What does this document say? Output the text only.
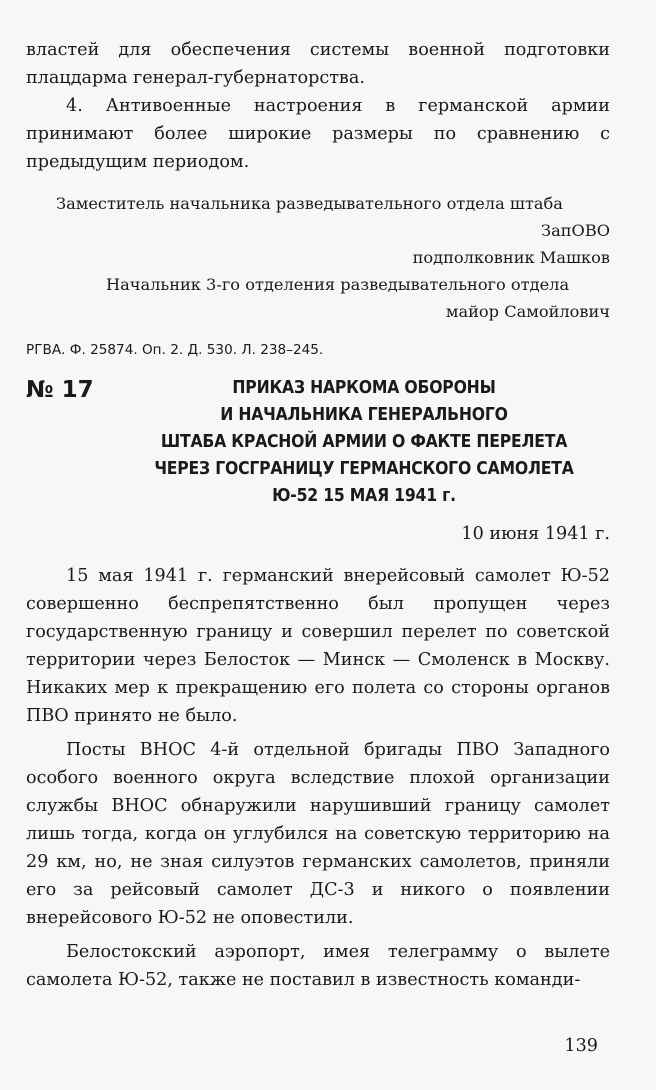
властей для обеспечения системы военной подготовки плацдарма генерал-губернаторства.

4. Антивоенные настроения в германской армии принимают более широкие размеры по сравнению с предыдущим периодом.

Заместитель начальника разведывательного отдела штаба

ЗапОВО

подполковник Машков

Начальник 3-го отделения разведывательного отдела

майор Самойлович

РГВА. Ф. 25874. Оп. 2. Д. 530. Л. 238–245.
№ 17	ПРИКАЗ НАРКОМА ОБОРОНЫ
И НАЧАЛЬНИКА ГЕНЕРАЛЬНОГО
ШТАБА КРАСНОЙ АРМИИ О ФАКТЕ ПЕРЕЛЕТА
ЧЕРЕЗ ГОСГРАНИЦУ ГЕРМАНСКОГО САМОЛЕТА
Ю-52 15 МАЯ 1941 г.
10 июня 1941 г.

15 мая 1941 г. германский внерейсовый самолет Ю-52 совершенно беспрепятственно был пропущен через государственную границу и совершил перелет по советской территории через Белосток — Минск — Смоленск в Москву. Никаких мер к прекращению его полета со стороны органов ПВО принято не было.

Посты ВНОС 4-й отдельной бригады ПВО Западного особого военного округа вследствие плохой организации службы ВНОС обнаружили нарушивший границу самолет лишь тогда, когда он углубился на советскую территорию на 29 км, но, не зная силуэтов германских самолетов, приняли его за рейсовый самолет ДС-3 и никого о появлении внерейсового Ю-52 не оповестили.

Белостокский аэропорт, имея телеграмму о вылете самолета Ю-52, также не поставил в известность команди-

139
